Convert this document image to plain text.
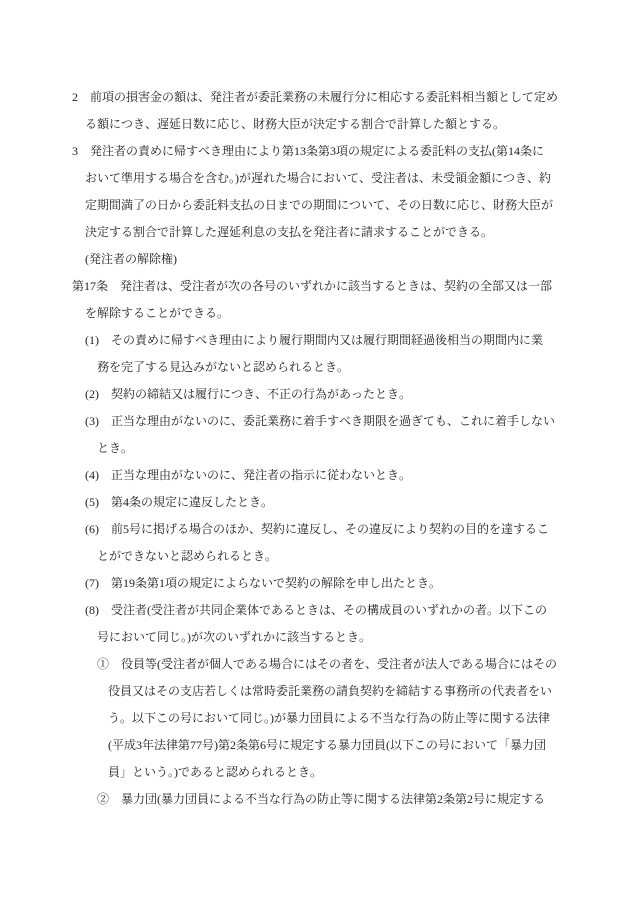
2　前項の損害金の額は、発注者が委託業務の未履行分に相応する委託料相当額として定め
る額につき、遅延日数に応じ、財務大臣が決定する割合で計算した額とする。
3　発注者の責めに帰すべき理由により第13条第3項の規定による委託料の支払(第14条に
おいて準用する場合を含む。)が遅れた場合において、受注者は、未受領金額につき、約
定期間満了の日から委託料支払の日までの期間について、その日数に応じ、財務大臣が
決定する割合で計算した遅延利息の支払を発注者に請求することができる。
(発注者の解除権)
第17条　発注者は、受注者が次の各号のいずれかに該当するときは、契約の全部又は一部
を解除することができる。
(1)　その責めに帰すべき理由により履行期間内又は履行期間経過後相当の期間内に業
務を完了する見込みがないと認められるとき。
(2)　契約の締結又は履行につき、不正の行為があったとき。
(3)　正当な理由がないのに、委託業務に着手すべき期限を過ぎても、これに着手しない
とき。
(4)　正当な理由がないのに、発注者の指示に従わないとき。
(5)　第4条の規定に違反したとき。
(6)　前5号に掲げる場合のほか、契約に違反し、その違反により契約の目的を達するこ
とができないと認められるとき。
(7)　第19条第1項の規定によらないで契約の解除を申し出たとき。
(8)　受注者(受注者が共同企業体であるときは、その構成員のいずれかの者。以下この
号において同じ。)が次のいずれかに該当するとき。
①　役員等(受注者が個人である場合にはその者を、受注者が法人である場合にはその
役員又はその支店若しくは常時委託業務の請負契約を締結する事務所の代表者をい
う。以下この号において同じ。)が暴力団員による不当な行為の防止等に関する法律
(平成3年法律第77号)第2条第6号に規定する暴力団員(以下この号において「暴力団
員」という。)であると認められるとき。
②　暴力団(暴力団員による不当な行為の防止等に関する法律第2条第2号に規定する
